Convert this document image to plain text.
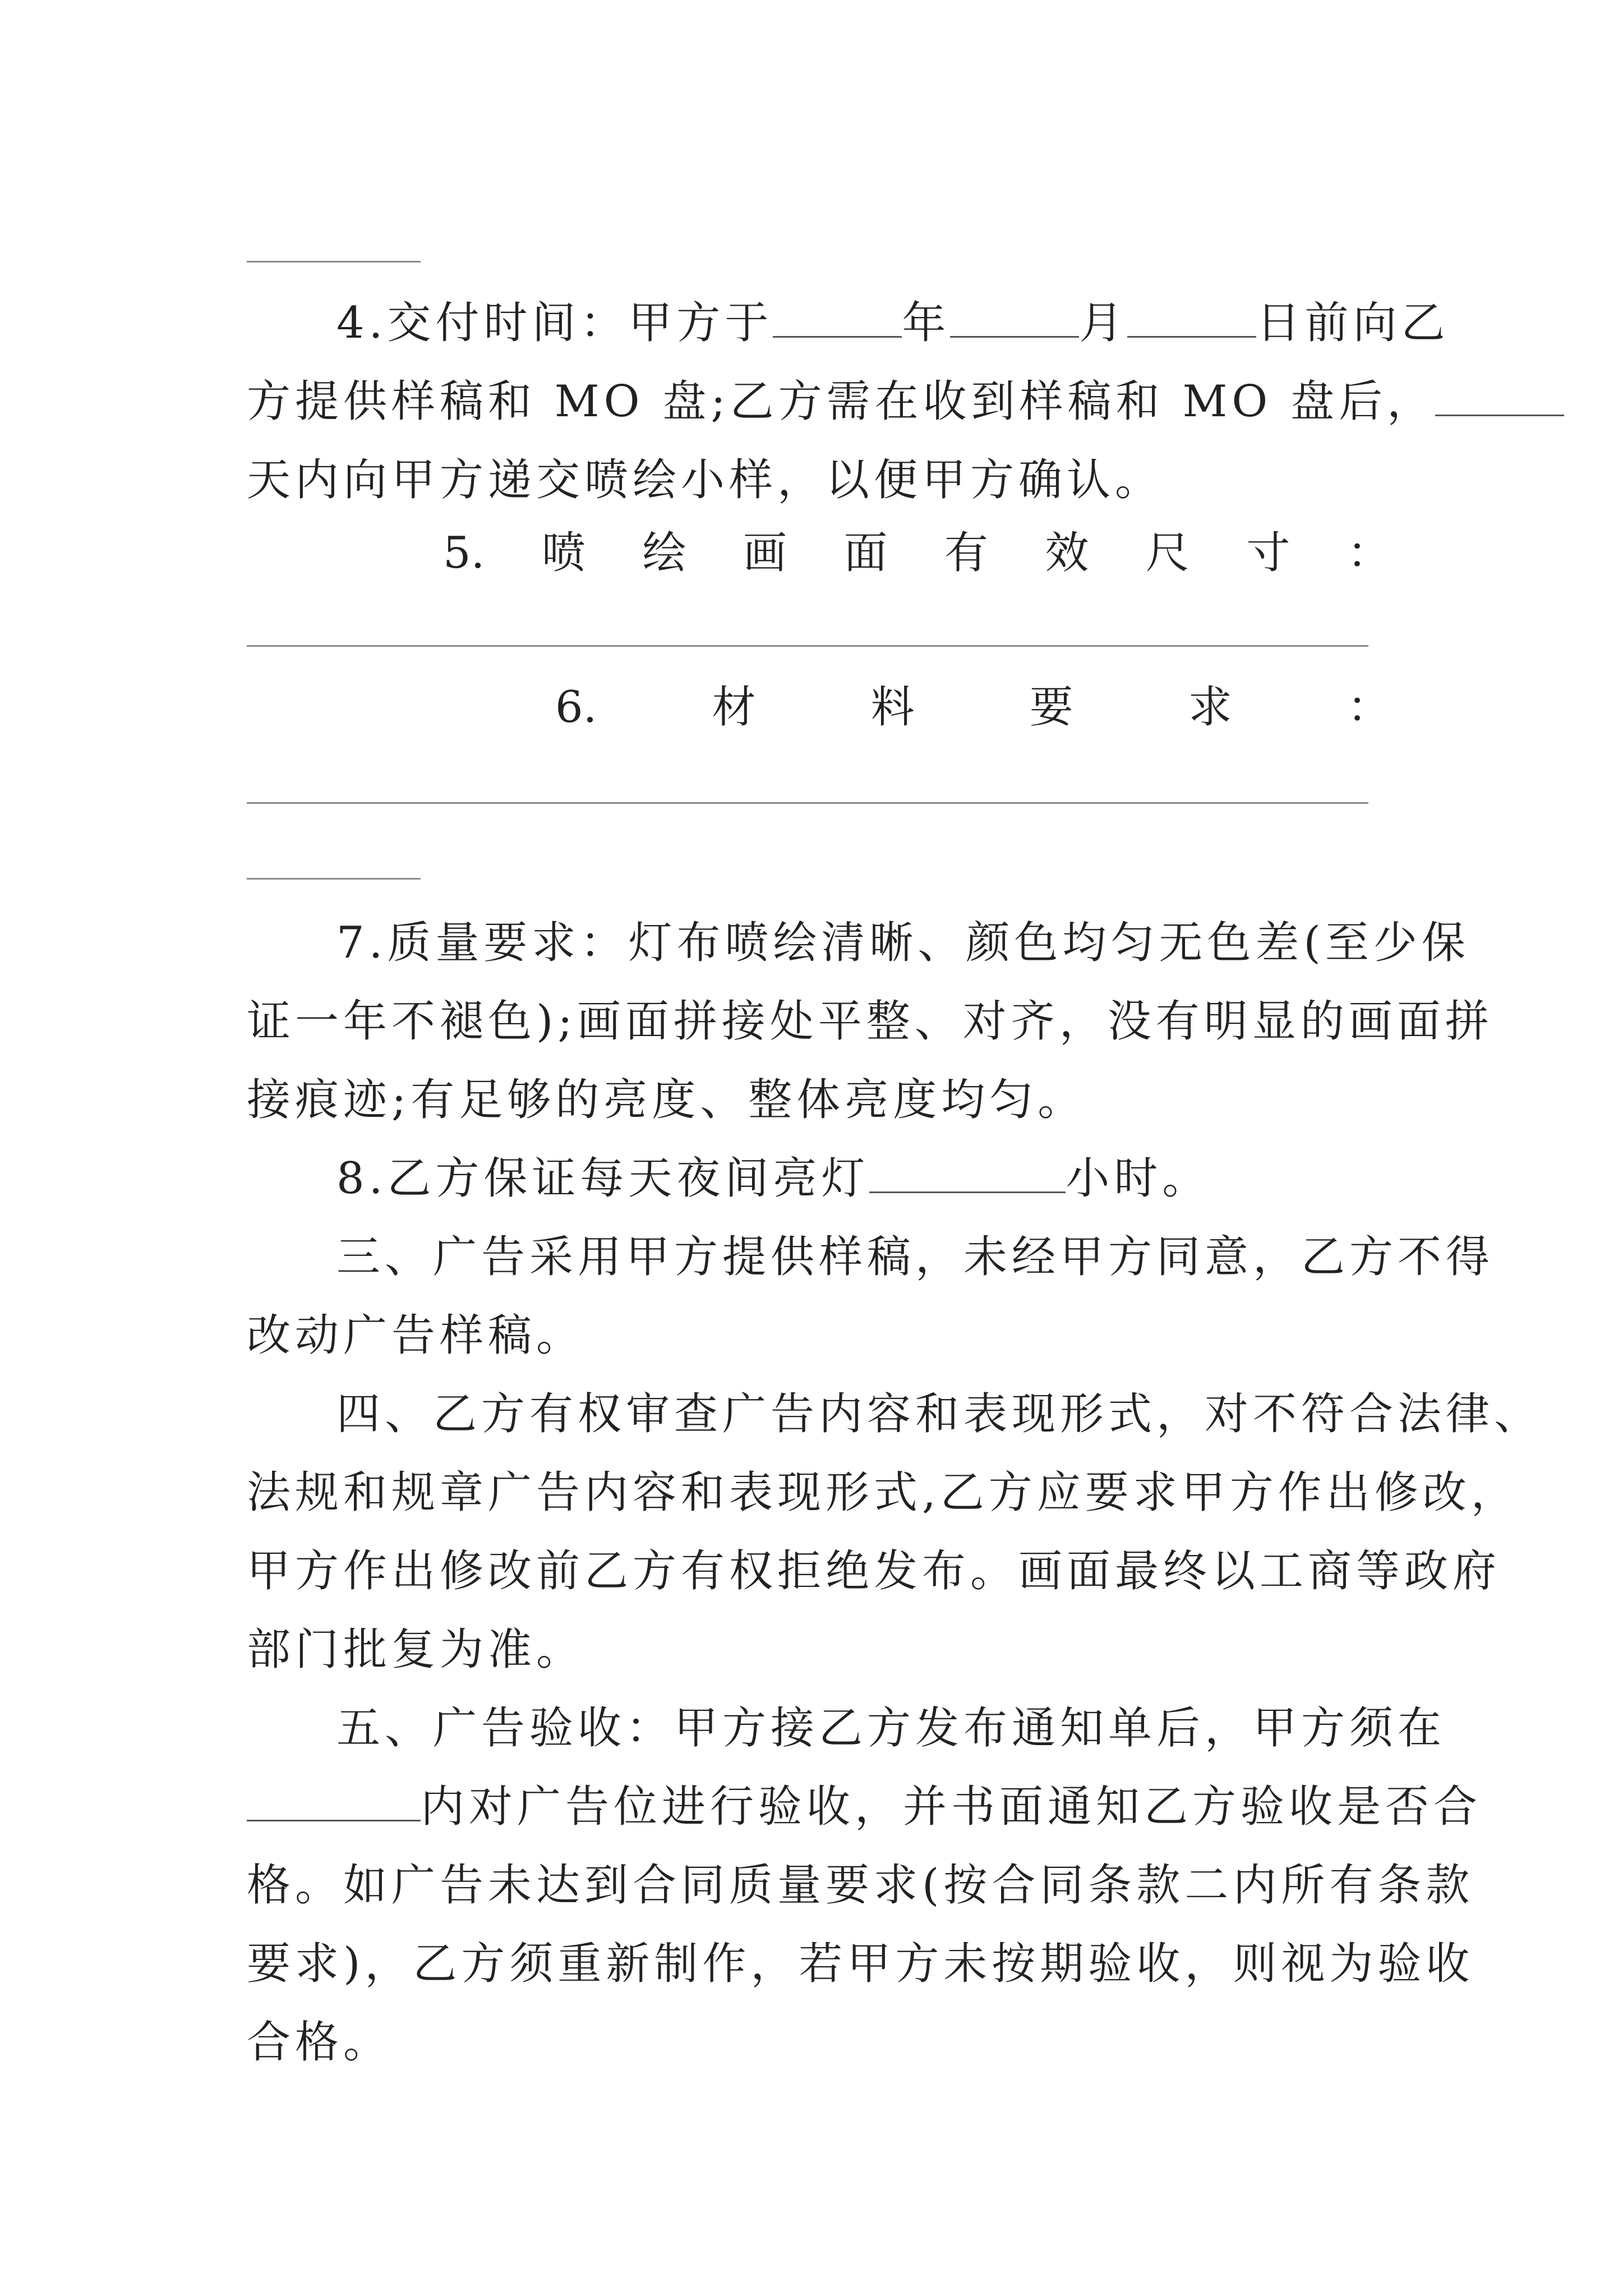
4.交付时间：甲方于	年	月	日前向乙
方提供样稿和 MO 盘;乙方需在收到样稿和 MO 盘后，
天内向甲方递交喷绘小样，以便甲方确认。
5. 喷 绘 画 面 有 效 尺 寸 ：
6.	材	料	要	求	：
7.质量要求：灯布喷绘清晰、颜色均匀无色差(至少保
证一年不褪色);画面拼接处平整、对齐，没有明显的画面拼
接痕迹;有足够的亮度、整体亮度均匀。
8.乙方保证每天夜间亮灯	小时。
三、广告采用甲方提供样稿，未经甲方同意，乙方不得
改动广告样稿。
四、乙方有权审查广告内容和表现形式，对不符合法律、
法规和规章广告内容和表现形式,乙方应要求甲方作出修改，
甲方作出修改前乙方有权拒绝发布。画面最终以工商等政府
部门批复为准。
五、广告验收：甲方接乙方发布通知单后，甲方须在
内对广告位进行验收，并书面通知乙方验收是否合
格。如广告未达到合同质量要求(按合同条款二内所有条款
要求)，乙方须重新制作，若甲方未按期验收，则视为验收
合格。
